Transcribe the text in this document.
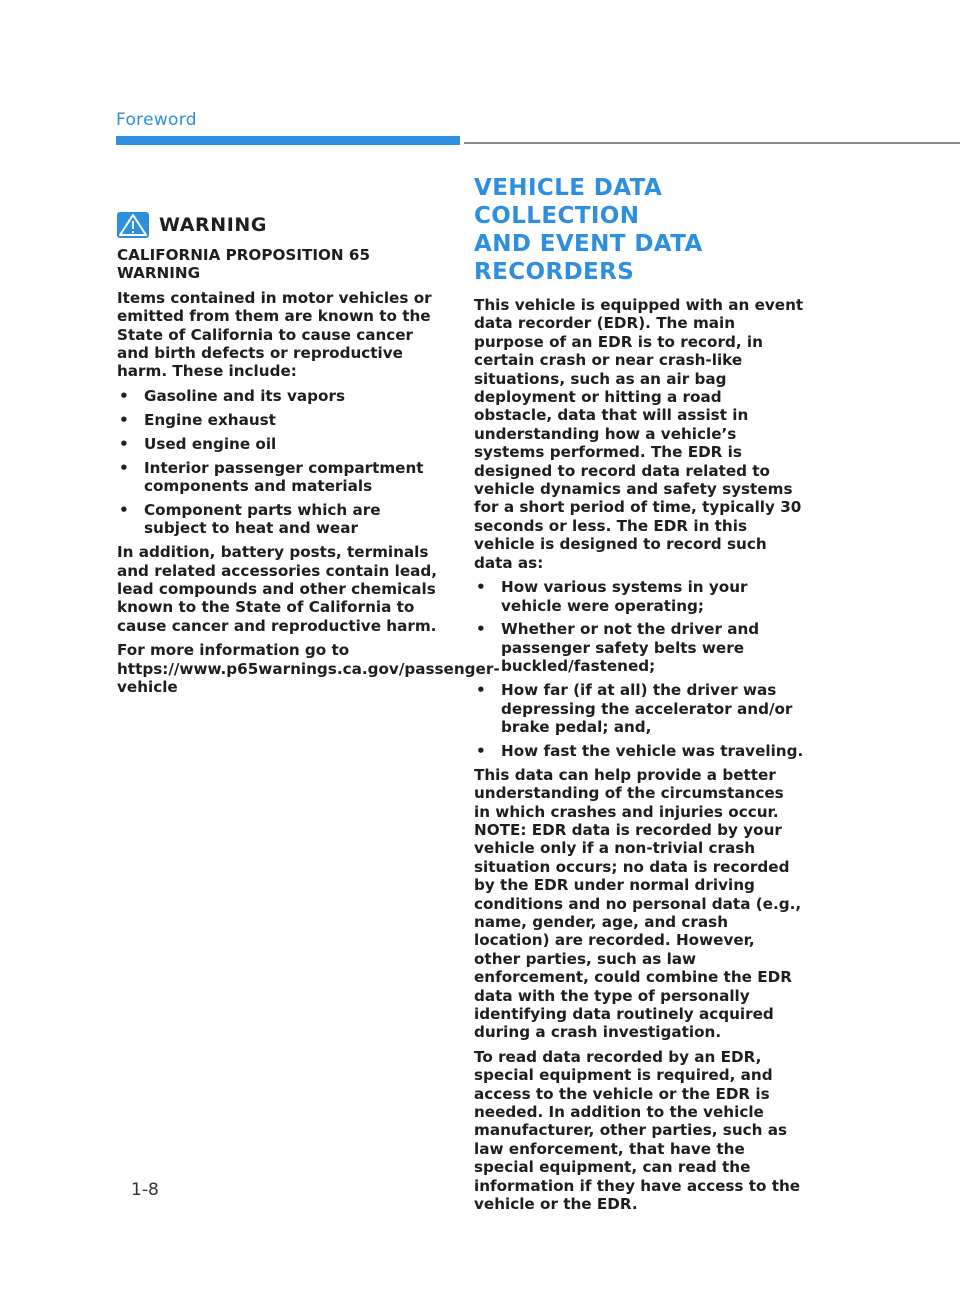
Foreword
WARNING

CALIFORNIA PROPOSITION 65 WARNING

Items contained in motor vehicles or emitted from them are known to the State of California to cause cancer and birth defects or reproductive harm. These include:

• Gasoline and its vapors
• Engine exhaust
• Used engine oil
• Interior passenger compartment components and materials
• Component parts which are subject to heat and wear

In addition, battery posts, terminals and related accessories contain lead, lead compounds and other chemicals known to the State of California to cause cancer and reproductive harm.

For more information go to https://www.p65warnings.ca.gov/passenger-vehicle

VEHICLE DATA COLLECTION
AND EVENT DATA
RECORDERS

This vehicle is equipped with an event data recorder (EDR). The main purpose of an EDR is to record, in certain crash or near crash-like situations, such as an air bag deployment or hitting a road obstacle, data that will assist in understanding how a vehicle’s systems performed. The EDR is designed to record data related to vehicle dynamics and safety systems for a short period of time, typically 30 seconds or less. The EDR in this vehicle is designed to record such data as:

• How various systems in your vehicle were operating;
• Whether or not the driver and passenger safety belts were buckled/fastened;
• How far (if at all) the driver was depressing the accelerator and/or brake pedal; and,
• How fast the vehicle was traveling.

This data can help provide a better understanding of the circumstances in which crashes and injuries occur. NOTE: EDR data is recorded by your vehicle only if a non-trivial crash situation occurs; no data is recorded by the EDR under normal driving conditions and no personal data (e.g., name, gender, age, and crash location) are recorded. However, other parties, such as law enforcement, could combine the EDR data with the type of personally identifying data routinely acquired during a crash investigation.

To read data recorded by an EDR, special equipment is required, and access to the vehicle or the EDR is needed. In addition to the vehicle manufacturer, other parties, such as law enforcement, that have the special equipment, can read the information if they have access to the vehicle or the EDR.

1-8
